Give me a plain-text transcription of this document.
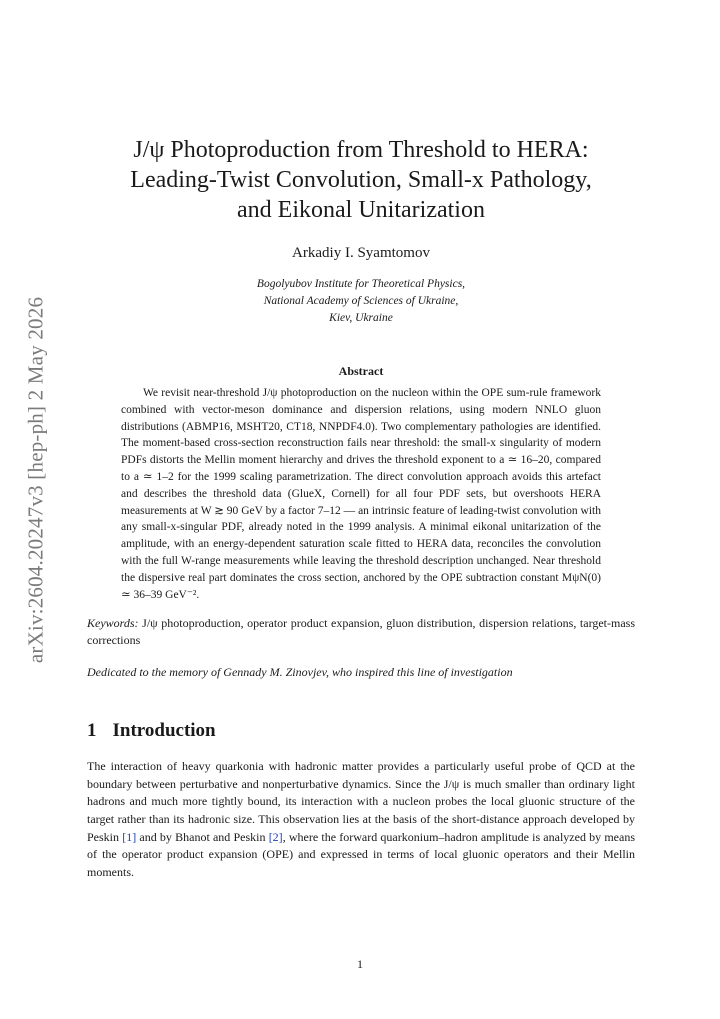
arXiv:2604.20247v3 [hep-ph] 2 May 2026
J/ψ Photoproduction from Threshold to HERA:
Leading-Twist Convolution, Small-x Pathology,
and Eikonal Unitarization
Arkadiy I. Syamtomov
Bogolyubov Institute for Theoretical Physics,
National Academy of Sciences of Ukraine,
Kiev, Ukraine
Abstract

We revisit near-threshold J/ψ photoproduction on the nucleon within the OPE sum-rule framework combined with vector-meson dominance and dispersion relations, using modern NNLO gluon distributions (ABMP16, MSHT20, CT18, NNPDF4.0). Two complementary pathologies are identified. The moment-based cross-section reconstruction fails near threshold: the small-x singularity of modern PDFs distorts the Mellin moment hierarchy and drives the threshold exponent to a ≃ 16–20, compared to a ≃ 1–2 for the 1999 scaling parametrization. The direct convolution approach avoids this artefact and describes the threshold data (GlueX, Cornell) for all four PDF sets, but overshoots HERA measurements at W ≳ 90 GeV by a factor 7–12 — an intrinsic feature of leading-twist convolution with any small-x-singular PDF, already noted in the 1999 analysis. A minimal eikonal unitarization of the amplitude, with an energy-dependent saturation scale fitted to HERA data, reconciles the convolution with the full W-range measurements while leaving the threshold description unchanged. Near threshold the dispersive real part dominates the cross section, anchored by the OPE subtraction constant MψN(0) ≃ 36–39 GeV⁻².

Keywords: J/ψ photoproduction, operator product expansion, gluon distribution, dispersion relations, target-mass corrections

Dedicated to the memory of Gennady M. Zinovjev, who inspired this line of investigation

1 Introduction

The interaction of heavy quarkonia with hadronic matter provides a particularly useful probe of QCD at the boundary between perturbative and nonperturbative dynamics. Since the J/ψ is much smaller than ordinary light hadrons and much more tightly bound, its interaction with a nucleon probes the local gluonic structure of the target rather than its hadronic size. This observation lies at the basis of the short-distance approach developed by Peskin [1] and by Bhanot and Peskin [2], where the forward quarkonium–hadron amplitude is analyzed by means of the operator product expansion (OPE) and expressed in terms of local gluonic operators and their Mellin moments.

1
